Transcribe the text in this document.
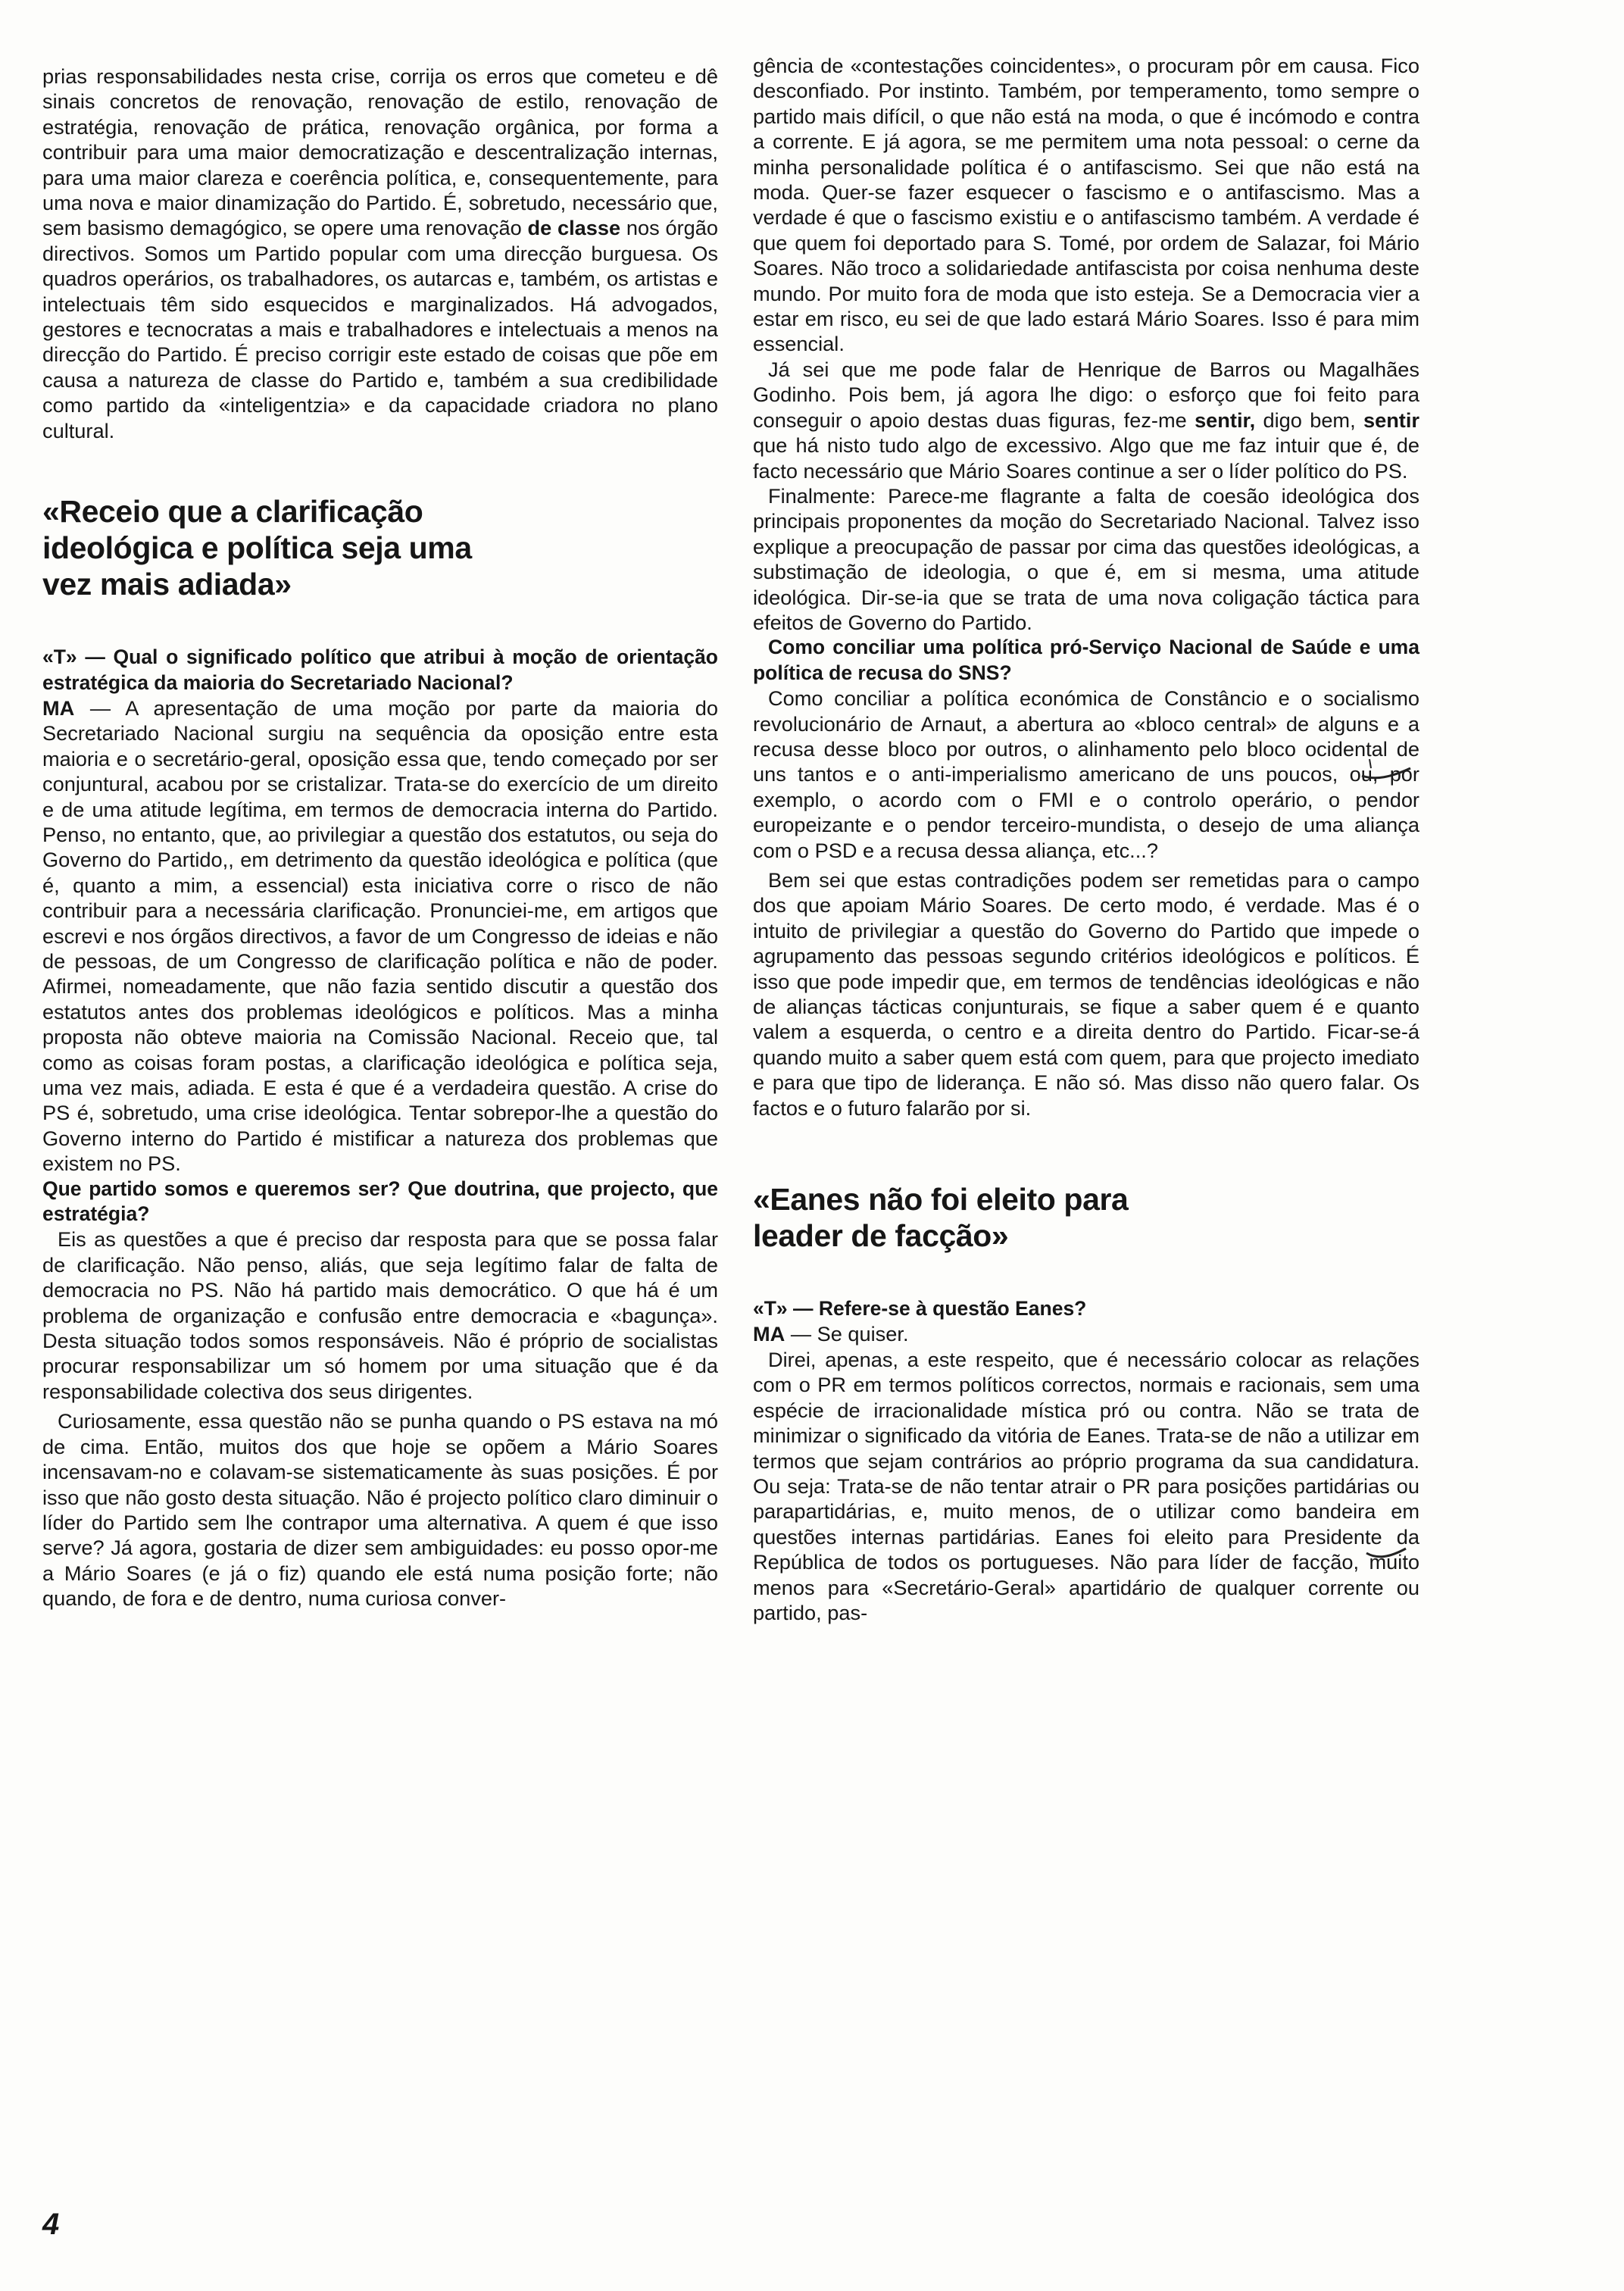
prias responsabilidades nesta crise, corrija os erros que cometeu e dê sinais concretos de renovação, renovação de estilo, renovação de estratégia, renovação de prática, renovação orgânica, por forma a contribuir para uma maior democratização e descentralização internas, para uma maior clareza e coerência política, e, consequentemente, para uma nova e maior dinamização do Partido. É, sobretudo, necessário que, sem basismo demagógico, se opere uma renovação de classe nos órgão directivos. Somos um Partido popular com uma direcção burguesa. Os quadros operários, os trabalhadores, os autarcas e, também, os artistas e intelectuais têm sido esquecidos e marginalizados. Há advogados, gestores e tecnocratas a mais e trabalhadores e intelectuais a menos na direcção do Partido. É preciso corrigir este estado de coisas que põe em causa a natureza de classe do Partido e, também a sua credibilidade como partido da «inteligentzia» e da capacidade criadora no plano cultural.

«Receio que a clarificação ideológica e política seja uma vez mais adiada»

«T» — Qual o significado político que atribui à moção de orientação estratégica da maioria do Secretariado Nacional?

MA — A apresentação de uma moção por parte da maioria do Secretariado Nacional surgiu na sequência da oposição entre esta maioria e o secretário-geral, oposição essa que, tendo começado por ser conjuntural, acabou por se cristalizar. Trata-se do exercício de um direito e de uma atitude legítima, em termos de democracia interna do Partido. Penso, no entanto, que, ao privilegiar a questão dos estatutos, ou seja do Governo do Partido,, em detrimento da questão ideológica e política (que é, quanto a mim, a essencial) esta iniciativa corre o risco de não contribuir para a necessária clarificação. Pronunciei-me, em artigos que escrevi e nos órgãos directivos, a favor de um Congresso de ideias e não de pessoas, de um Congresso de clarificação política e não de poder. Afirmei, nomeadamente, que não fazia sentido discutir a questão dos estatutos antes dos problemas ideológicos e políticos. Mas a minha proposta não obteve maioria na Comissão Nacional. Receio que, tal como as coisas foram postas, a clarificação ideológica e política seja, uma vez mais, adiada. E esta é que é a verdadeira questão. A crise do PS é, sobretudo, uma crise ideológica. Tentar sobrepor-lhe a questão do Governo interno do Partido é mistificar a natureza dos problemas que existem no PS.

Que partido somos e queremos ser? Que doutrina, que projecto, que estratégia?

Eis as questões a que é preciso dar resposta para que se possa falar de clarificação. Não penso, aliás, que seja legítimo falar de falta de democracia no PS. Não há partido mais democrático. O que há é um problema de organização e confusão entre democracia e «bagunça». Desta situação todos somos responsáveis. Não é próprio de socialistas procurar responsabilizar um só homem por uma situação que é da responsabilidade colectiva dos seus dirigentes.

Curiosamente, essa questão não se punha quando o PS estava na mó de cima. Então, muitos dos que hoje se opõem a Mário Soares incensavam-no e colavam-se sistematicamente às suas posições. É por isso que não gosto desta situação. Não é projecto político claro diminuir o líder do Partido sem lhe contrapor uma alternativa. A quem é que isso serve? Já agora, gostaria de dizer sem ambiguidades: eu posso opor-me a Mário Soares (e já o fiz) quando ele está numa posição forte; não quando, de fora e de dentro, numa curiosa conver-

gência de «contestações coincidentes», o procuram pôr em causa. Fico desconfiado. Por instinto. Também, por temperamento, tomo sempre o partido mais difícil, o que não está na moda, o que é incómodo e contra a corrente. E já agora, se me permitem uma nota pessoal: o cerne da minha personalidade política é o antifascismo. Sei que não está na moda. Quer-se fazer esquecer o fascismo e o antifascismo. Mas a verdade é que o fascismo existiu e o antifascismo também. A verdade é que quem foi deportado para S. Tomé, por ordem de Salazar, foi Mário Soares. Não troco a solidariedade antifascista por coisa nenhuma deste mundo. Por muito fora de moda que isto esteja. Se a Democracia vier a estar em risco, eu sei de que lado estará Mário Soares. Isso é para mim essencial.

Já sei que me pode falar de Henrique de Barros ou Magalhães Godinho. Pois bem, já agora lhe digo: o esforço que foi feito para conseguir o apoio destas duas figuras, fez-me sentir, digo bem, sentir que há nisto tudo algo de excessivo. Algo que me faz intuir que é, de facto necessário que Mário Soares continue a ser o líder político do PS.

Finalmente: Parece-me flagrante a falta de coesão ideológica dos principais proponentes da moção do Secretariado Nacional. Talvez isso explique a preocupação de passar por cima das questões ideológicas, a substimação de ideologia, o que é, em si mesma, uma atitude ideológica. Dir-se-ia que se trata de uma nova coligação táctica para efeitos de Governo do Partido.

Como conciliar uma política pró-Serviço Nacional de Saúde e uma política de recusa do SNS?

Como conciliar a política económica de Constâncio e o socialismo revolucionário de Arnaut, a abertura ao «bloco central» de alguns e a recusa desse bloco por outros, o alinhamento pelo bloco ocidental de uns tantos e o anti-imperialismo americano de uns poucos, ou, por exemplo, o acordo com o FMI e o controlo operário, o pendor europeizante e o pendor terceiro-mundista, o desejo de uma aliança com o PSD e a recusa dessa aliança, etc...?

Bem sei que estas contradições podem ser remetidas para o campo dos que apoiam Mário Soares. De certo modo, é verdade. Mas é o intuito de privilegiar a questão do Governo do Partido que impede o agrupamento das pessoas segundo critérios ideológicos e políticos. É isso que pode impedir que, em termos de tendências ideológicas e não de alianças tácticas conjunturais, se fique a saber quem é e quanto valem a esquerda, o centro e a direita dentro do Partido. Ficar-se-á quando muito a saber quem está com quem, para que projecto imediato e para que tipo de liderança. E não só. Mas disso não quero falar. Os factos e o futuro falarão por si.

«Eanes não foi eleito para leader de facção»

«T» — Refere-se à questão Eanes?

MA — Se quiser.

Direi, apenas, a este respeito, que é necessário colocar as relações com o PR em termos políticos correctos, normais e racionais, sem uma espécie de irracionalidade mística pró ou contra. Não se trata de minimizar o significado da vitória de Eanes. Trata-se de não a utilizar em termos que sejam contrários ao próprio programa da sua candidatura. Ou seja: Trata-se de não tentar atrair o PR para posições partidárias ou parapartidárias, e, muito menos, de o utilizar como bandeira em questões internas partidárias. Eanes foi eleito para Presidente da República de todos os portugueses. Não para líder de facção, muito menos para «Secretário-Geral» apartidário de qualquer corrente ou partido, pas-

4
